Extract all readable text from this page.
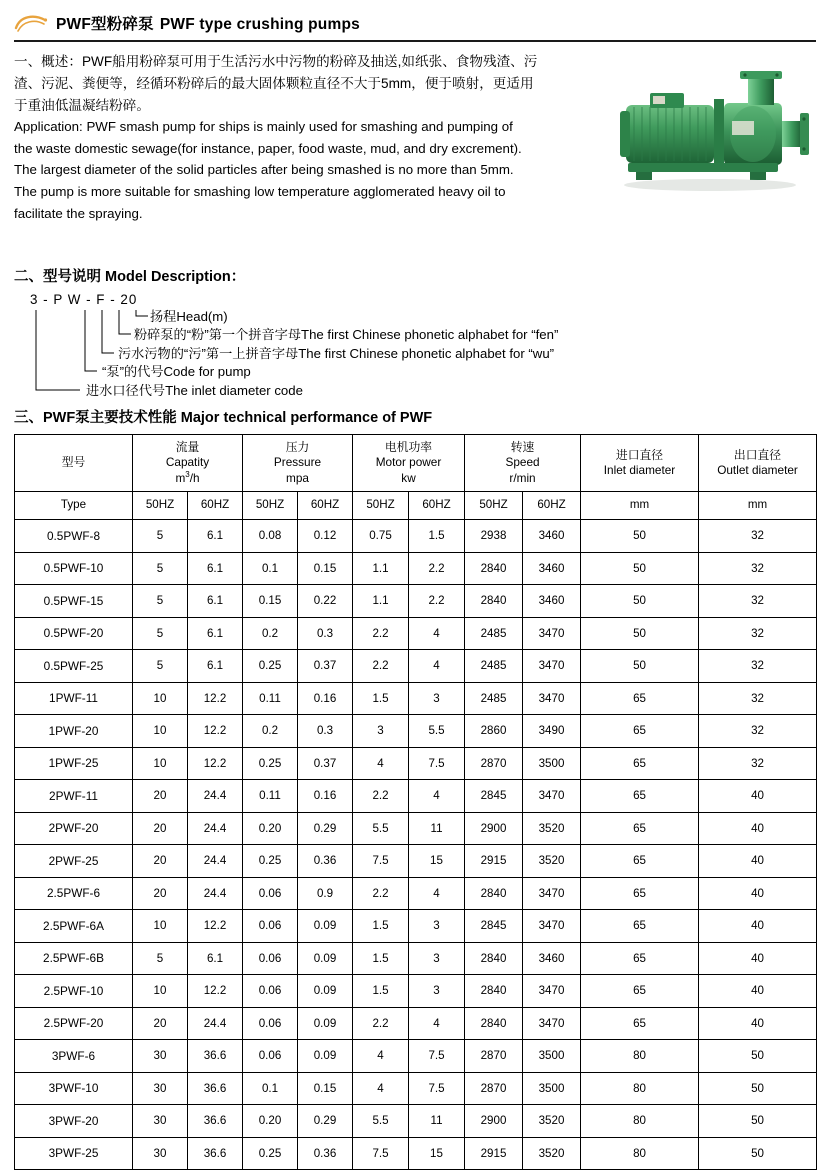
PWF型粉碎泵 PWF type crushing pumps

一、概述：PWF船用粉碎泵可用于生活污水中污物的粉碎及抽送,如纸张、食物残渣、污

渣、污泥、粪便等，经循环粉碎后的最大固体颗粒直径不大于5mm，便于喷射，更适用

于重油低温凝结粉碎。

Application: PWF smash pump for ships is mainly used for smashing and pumping of

the waste domestic sewage(for instance, paper, food waste, mud, and dry excrement).

The largest diameter of the solid particles after being smashed is no more than 5mm.

The pump is more suitable for smashing low temperature agglomerated heavy oil to

facilitate the spraying.

二、型号说明 Model Description：
3 - P W - F - 20
扬程Head(m)
粉碎泵的“粉”第一个拼音字母The first Chinese phonetic alphabet for “fen”
污水污物的“污”第一上拼音字母The first Chinese phonetic alphabet for “wu”
“泵”的代号Code for pump
进水口径代号The inlet diameter code
三、PWF泵主要技术性能 Major technical performance of PWF
型号	流量
Capatity
$m^3/h$		压力
Pressure
mpa		电机功率
Motor power
kw		转速
Speed
r/min		进口直径
Inlet diameter	出口直径
Outlet diameter

Type	50HZ	60HZ	50HZ	60HZ	50HZ	60HZ	50HZ	60HZ	mm	mm
0.5PWF-8	5	6.1	0.08	0.12	0.75	1.5	2938	3460	50	32
0.5PWF-10	5	6.1	0.1	0.15	1.1	2.2	2840	3460	50	32
0.5PWF-15	5	6.1	0.15	0.22	1.1	2.2	2840	3460	50	32
0.5PWF-20	5	6.1	0.2	0.3	2.2	4	2485	3470	50	32
0.5PWF-25	5	6.1	0.25	0.37	2.2	4	2485	3470	50	32
1PWF-11	10	12.2	0.11	0.16	1.5	3	2485	3470	65	32
1PWF-20	10	12.2	0.2	0.3	3	5.5	2860	3490	65	32
1PWF-25	10	12.2	0.25	0.37	4	7.5	2870	3500	65	32
2PWF-11	20	24.4	0.11	0.16	2.2	4	2845	3470	65	40
2PWF-20	20	24.4	0.20	0.29	5.5	11	2900	3520	65	40
2PWF-25	20	24.4	0.25	0.36	7.5	15	2915	3520	65	40
2.5PWF-6	20	24.4	0.06	0.9	2.2	4	2840	3470	65	40
2.5PWF-6A	10	12.2	0.06	0.09	1.5	3	2845	3470	65	40
2.5PWF-6B	5	6.1	0.06	0.09	1.5	3	2840	3460	65	40
2.5PWF-10	10	12.2	0.06	0.09	1.5	3	2840	3470	65	40
2.5PWF-20	20	24.4	0.06	0.09	2.2	4	2840	3470	65	40
3PWF-6	30	36.6	0.06	0.09	4	7.5	2870	3500	80	50
3PWF-10	30	36.6	0.1	0.15	4	7.5	2870	3500	80	50
3PWF-20	30	36.6	0.20	0.29	5.5	11	2900	3520	80	50
3PWF-25	30	36.6	0.25	0.36	7.5	15	2915	3520	80	50
